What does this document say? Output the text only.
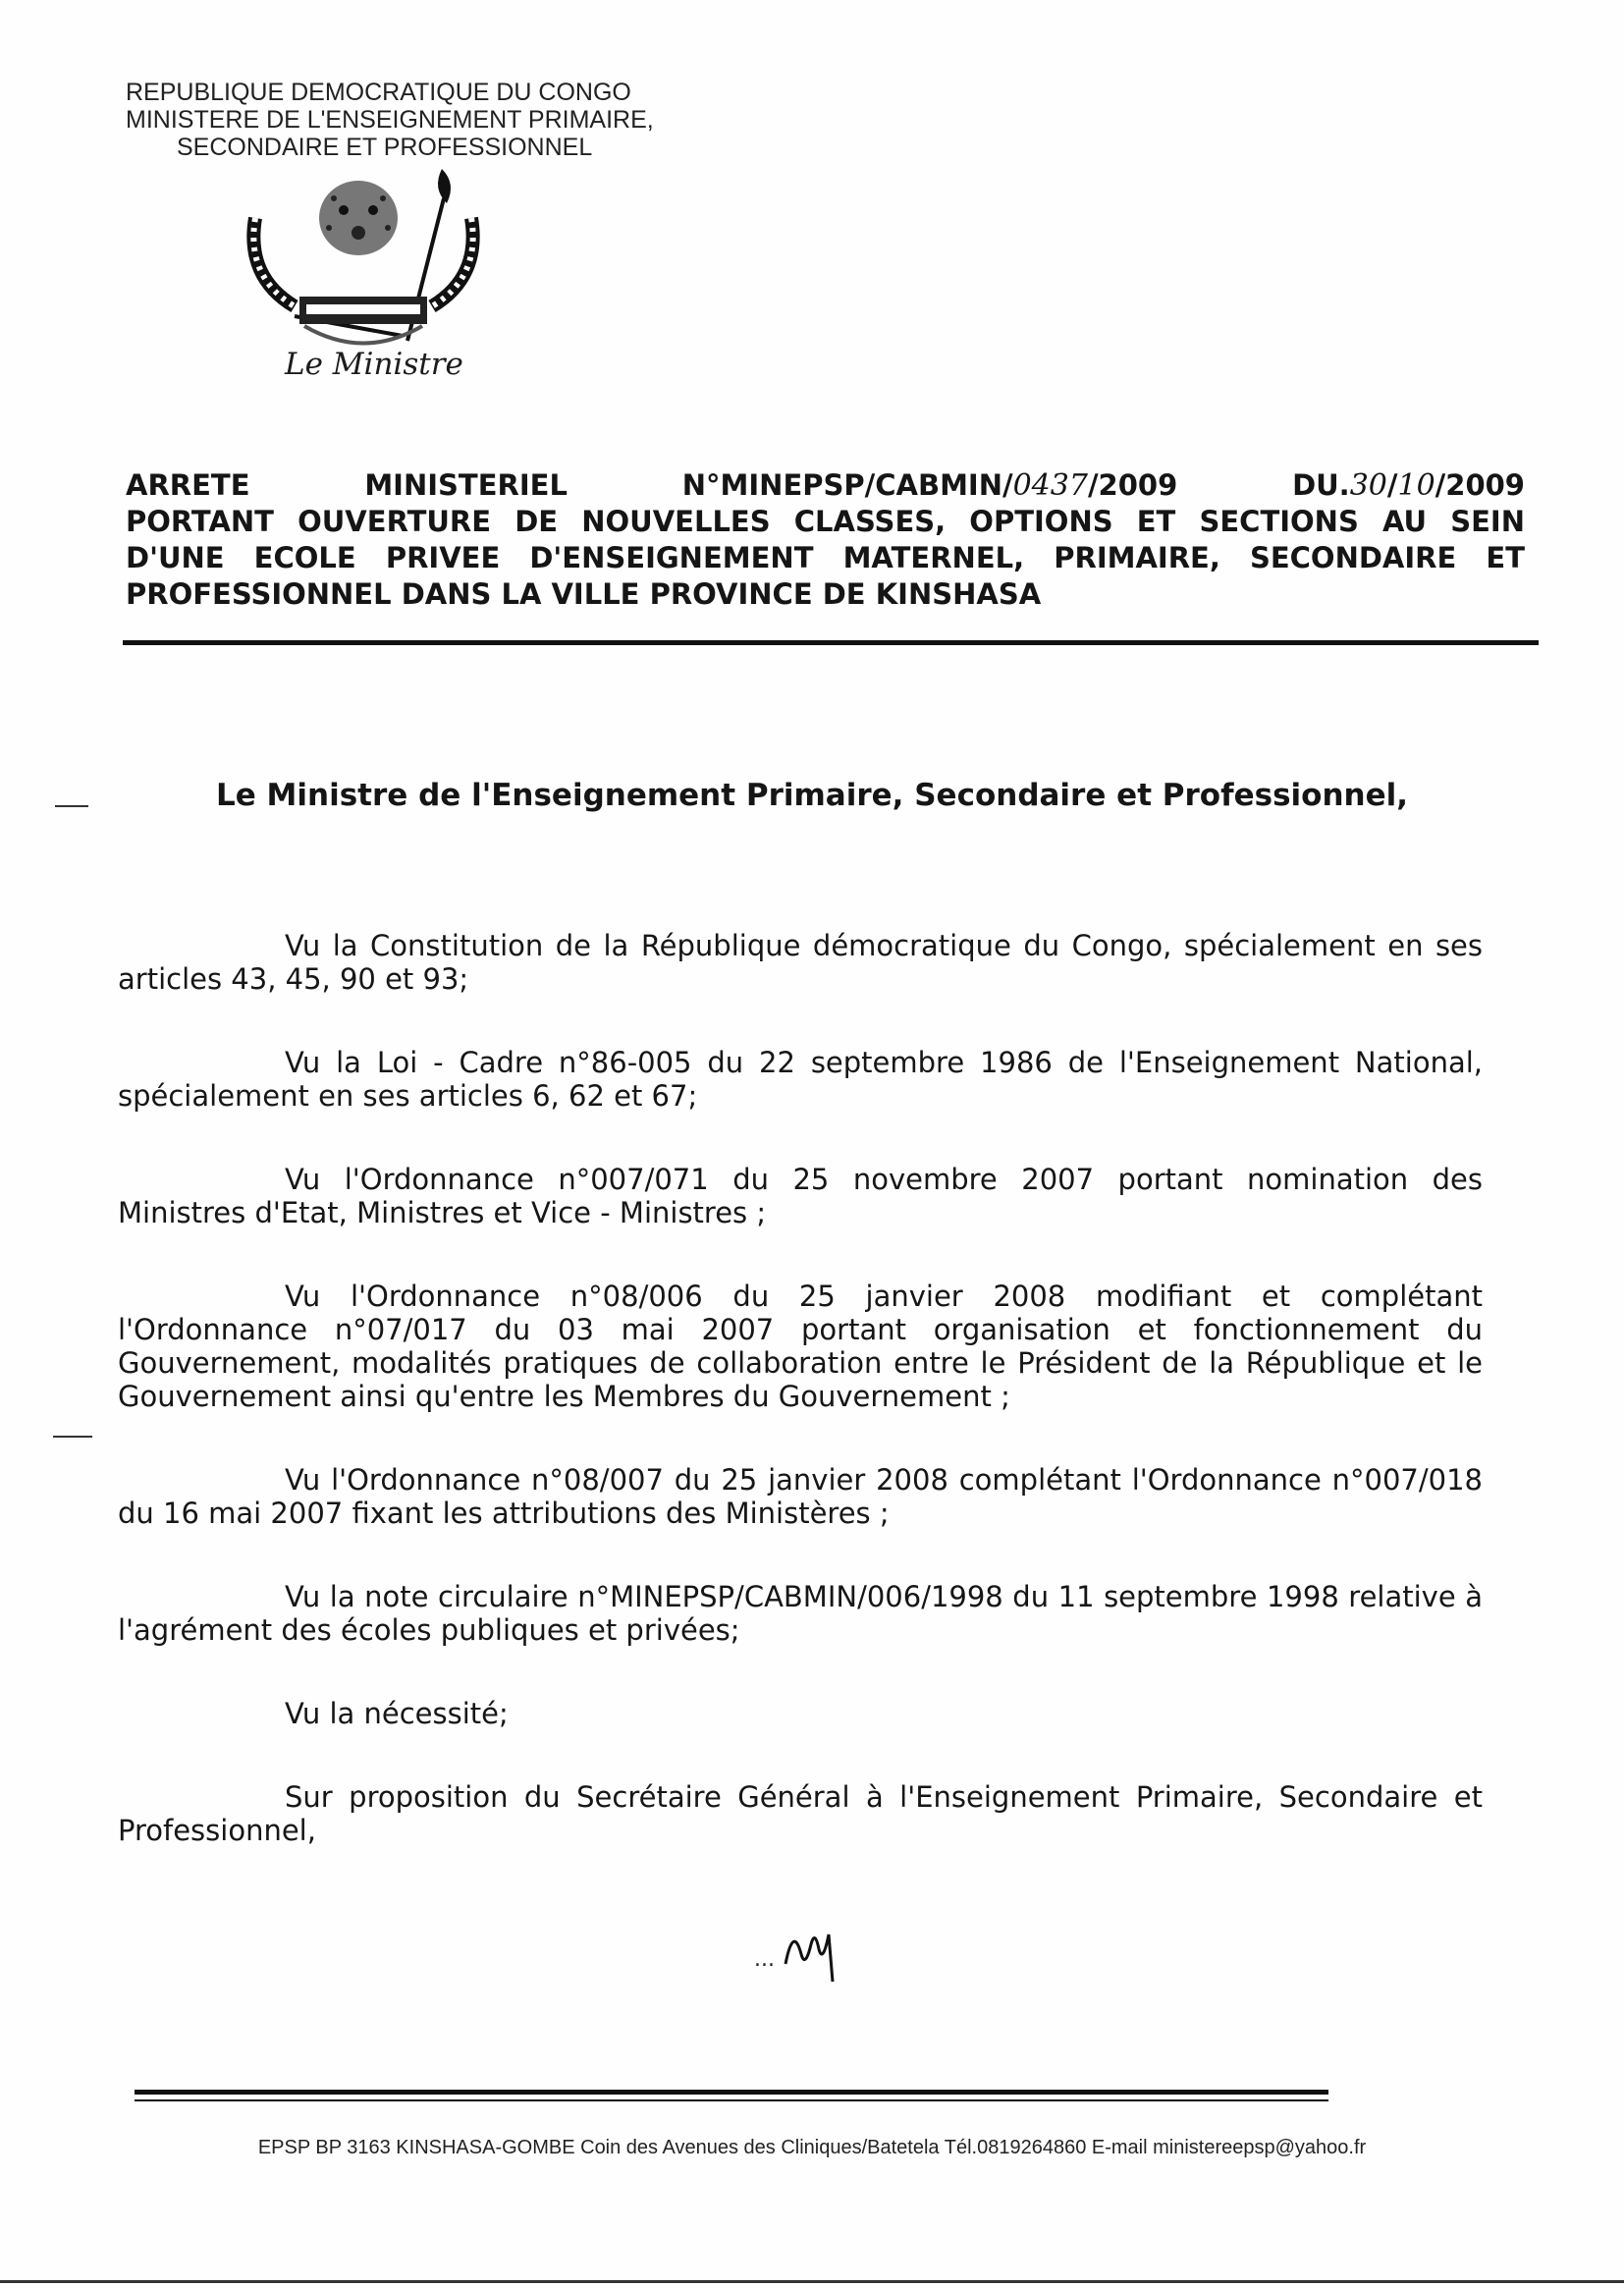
REPUBLIQUE DEMOCRATIQUE DU CONGO
MINISTERE DE L'ENSEIGNEMENT PRIMAIRE,
SECONDAIRE ET PROFESSIONNEL
Le Ministre
ARRETE	MINISTERIEL	N°MINEPSP/CABMIN/0437/2009	DU.30/10/2009
PORTANT OUVERTURE DE NOUVELLES CLASSES, OPTIONS ET SECTIONS AU SEIN
D'UNE ECOLE PRIVEE D'ENSEIGNEMENT MATERNEL, PRIMAIRE, SECONDAIRE ET
PROFESSIONNEL DANS LA VILLE PROVINCE DE KINSHASA
Le Ministre de l'Enseignement Primaire, Secondaire et Professionnel,

Vu la Constitution de la République démocratique du Congo, spécialement en ses articles 43, 45, 90 et 93;

Vu la Loi - Cadre n°86-005 du 22 septembre 1986 de l'Enseignement National, spécialement en ses articles 6, 62 et 67;

Vu l'Ordonnance n°007/071 du 25 novembre 2007 portant nomination des Ministres d'Etat, Ministres et Vice - Ministres ;

Vu l'Ordonnance n°08/006 du 25 janvier 2008 modifiant et complétant l'Ordonnance n°07/017 du 03 mai 2007 portant organisation et fonctionnement du Gouvernement, modalités pratiques de collaboration entre le Président de la République et le Gouvernement ainsi qu'entre les Membres du Gouvernement ;

Vu l'Ordonnance n°08/007 du 25 janvier 2008 complétant l'Ordonnance n°007/018 du 16 mai 2007 fixant les attributions des Ministères ;

Vu la note circulaire n°MINEPSP/CABMIN/006/1998 du 11 septembre 1998 relative à l'agrément des écoles publiques et privées;

Vu la nécessité;

Sur proposition du Secrétaire Général à l'Enseignement Primaire, Secondaire et Professionnel,

...
EPSP BP 3163 KINSHASA-GOMBE Coin des Avenues des Cliniques/Batetela Tél.0819264860 E-mail ministereepsp@yahoo.fr
